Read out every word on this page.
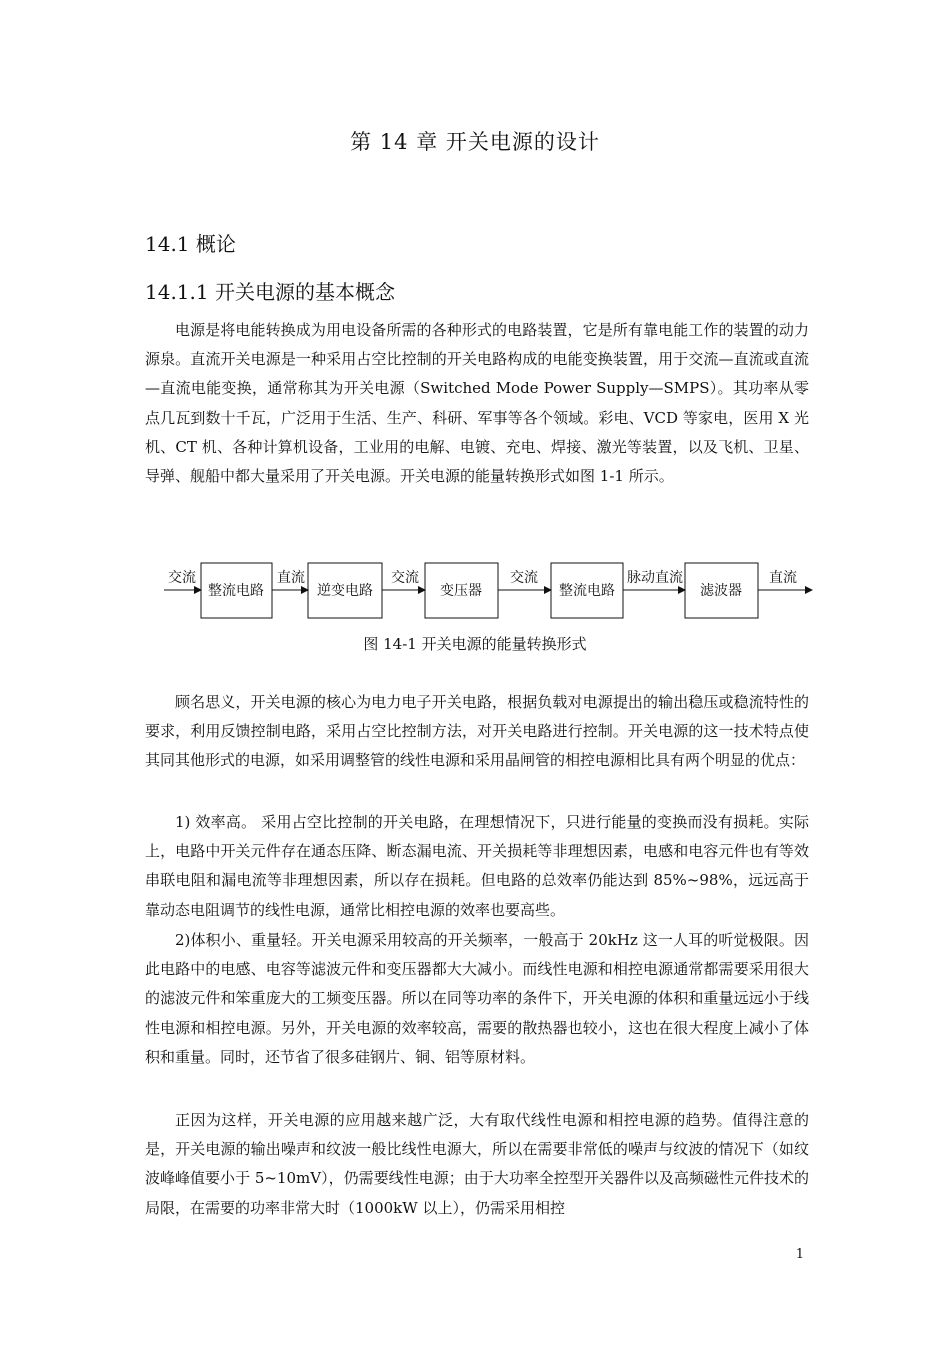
第 14 章 开关电源的设计
14.1 概论
14.1.1 开关电源的基本概念

电源是将电能转换成为用电设备所需的各种形式的电路装置，它是所有靠电能工作的装置的动力源泉。直流开关电源是一种采用占空比控制的开关电路构成的电能变换装置，用于交流—直流或直流—直流电能变换，通常称其为开关电源（Switched Mode Power Supply—SMPS）。其功率从零点几瓦到数十千瓦，广泛用于生活、生产、科研、军事等各个领域。彩电、VCD 等家电，医用 X 光机、CT 机、各种计算机设备，工业用的电解、电镀、充电、焊接、激光等装置，以及飞机、卫星、导弹、舰船中都大量采用了开关电源。开关电源的能量转换形式如图 1-1 所示。

整流电路	逆变电路	变压器	整流电路	滤波器
交流	直流	交流	交流	脉动直流	直流
图 14-1 开关电源的能量转换形式

顾名思义，开关电源的核心为电力电子开关电路，根据负载对电源提出的输出稳压或稳流特性的要求，利用反馈控制电路，采用占空比控制方法，对开关电路进行控制。开关电源的这一技术特点使其同其他形式的电源，如采用调整管的线性电源和采用晶闸管的相控电源相比具有两个明显的优点：

1) 效率高。 采用占空比控制的开关电路，在理想情况下，只进行能量的变换而没有损耗。实际上，电路中开关元件存在通态压降、断态漏电流、开关损耗等非理想因素，电感和电容元件也有等效串联电阻和漏电流等非理想因素，所以存在损耗。但电路的总效率仍能达到 85%~98%，远远高于靠动态电阻调节的线性电源，通常比相控电源的效率也要高些。

2)体积小、重量轻。开关电源采用较高的开关频率，一般高于 20kHz 这一人耳的听觉极限。因此电路中的电感、电容等滤波元件和变压器都大大减小。而线性电源和相控电源通常都需要采用很大的滤波元件和笨重庞大的工频变压器。所以在同等功率的条件下，开关电源的体积和重量远远小于线性电源和相控电源。另外，开关电源的效率较高，需要的散热器也较小，这也在很大程度上减小了体积和重量。同时，还节省了很多硅钢片、铜、铝等原材料。

正因为这样，开关电源的应用越来越广泛，大有取代线性电源和相控电源的趋势。值得注意的是，开关电源的输出噪声和纹波一般比线性电源大，所以在需要非常低的噪声与纹波的情况下（如纹波峰峰值要小于 5~10mV），仍需要线性电源；由于大功率全控型开关器件以及高频磁性元件技术的局限，在需要的功率非常大时（1000kW 以上），仍需采用相控

1
